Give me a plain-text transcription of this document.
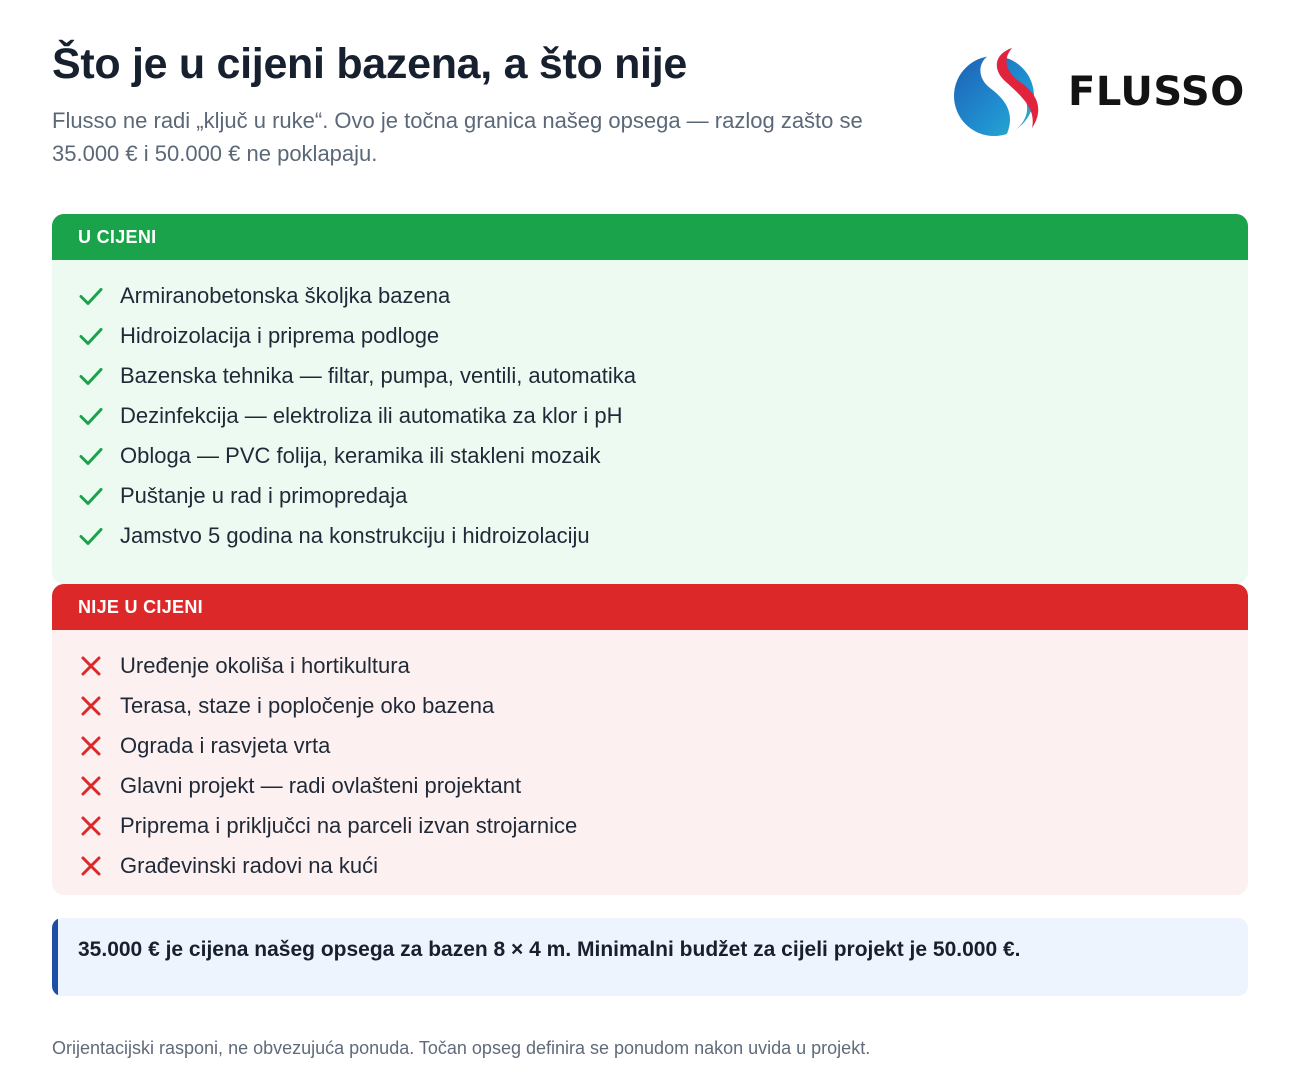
Što je u cijeni bazena, a što nije

Flusso ne radi „ključ u ruke“. Ovo je točna granica našeg opsega — razlog zašto se 35.000 € i 50.000 € ne poklapaju.

FLUSSO
U CIJENI
Armiranobetonska školjka bazena
Hidroizolacija i priprema podloge
Bazenska tehnika — filtar, pumpa, ventili, automatika
Dezinfekcija — elektroliza ili automatika za klor i pH
Obloga — PVC folija, keramika ili stakleni mozaik
Puštanje u rad i primopredaja
Jamstvo 5 godina na konstrukciju i hidroizolaciju
NIJE U CIJENI
Uređenje okoliša i hortikultura
Terasa, staze i popločenje oko bazena
Ograda i rasvjeta vrta
Glavni projekt — radi ovlašteni projektant
Priprema i priključci na parceli izvan strojarnice
Građevinski radovi na kući
35.000 € je cijena našeg opsega za bazen 8 × 4 m. Minimalni budžet za cijeli projekt je 50.000 €.

Orijentacijski rasponi, ne obvezujuća ponuda. Točan opseg definira se ponudom nakon uvida u projekt.
